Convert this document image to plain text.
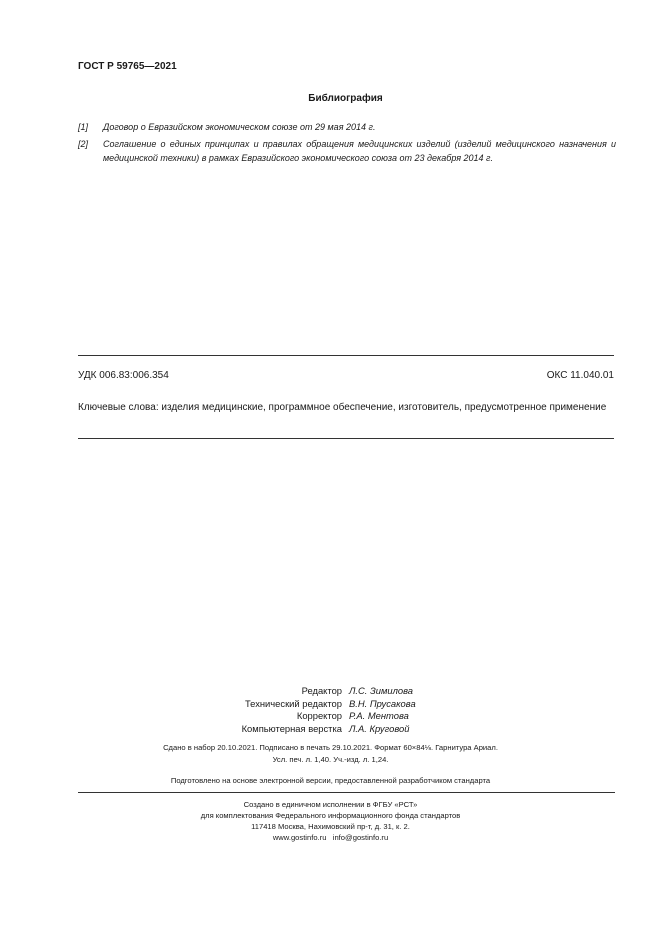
ГОСТ Р 59765—2021
Библиография
[1]	Договор о Евразийском экономическом союзе от 29 мая 2014 г.
[2]	Соглашение о единых принципах и правилах обращения медицинских изделий (изделий медицинского назначения и медицинской техники) в рамках Евразийского экономического союза от 23 декабря 2014 г.
УДК 006.83:006.354	ОКС 11.040.01
Ключевые слова: изделия медицинские, программное обеспечение, изготовитель, предусмотренное применение
Редактор Л.С. Зимилова
Технический редактор В.Н. Прусакова
Корректор Р.А. Ментова
Компьютерная верстка Л.А. Круговой
Сдано в набор 20.10.2021. Подписано в печать 29.10.2021. Формат 60×84⅛. Гарнитура Ариал.
Усл. печ. л. 1,40. Уч.-изд. л. 1,24.
Подготовлено на основе электронной версии, предоставленной разработчиком стандарта
Создано в единичном исполнении в ФГБУ «РСТ»
для комплектования Федерального информационного фонда стандартов
117418 Москва, Нахимовский пр-т, д. 31, к. 2.
www.gostinfo.ru info@gostinfo.ru
